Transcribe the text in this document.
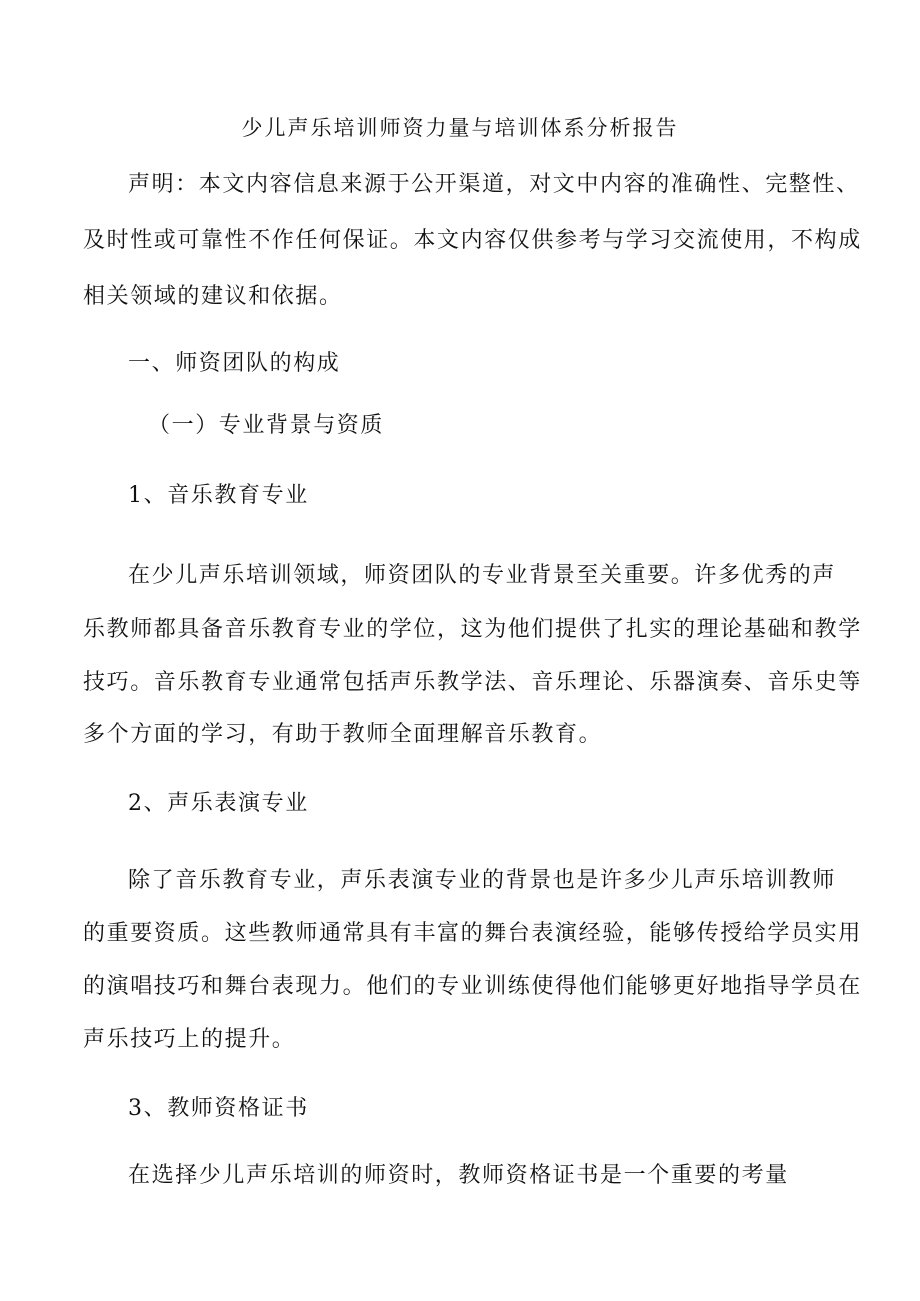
少儿声乐培训师资力量与培训体系分析报告
声明：本文内容信息来源于公开渠道，对文中内容的准确性、完整性、
及时性或可靠性不作任何保证。本文内容仅供参考与学习交流使用，不构成
相关领域的建议和依据。
一、师资团队的构成
（一）专业背景与资质
1、音乐教育专业
在少儿声乐培训领域，师资团队的专业背景至关重要。许多优秀的声
乐教师都具备音乐教育专业的学位，这为他们提供了扎实的理论基础和教学
技巧。音乐教育专业通常包括声乐教学法、音乐理论、乐器演奏、音乐史等
多个方面的学习，有助于教师全面理解音乐教育。
2、声乐表演专业
除了音乐教育专业，声乐表演专业的背景也是许多少儿声乐培训教师
的重要资质。这些教师通常具有丰富的舞台表演经验，能够传授给学员实用
的演唱技巧和舞台表现力。他们的专业训练使得他们能够更好地指导学员在
声乐技巧上的提升。
3、教师资格证书
在选择少儿声乐培训的师资时，教师资格证书是一个重要的考量
